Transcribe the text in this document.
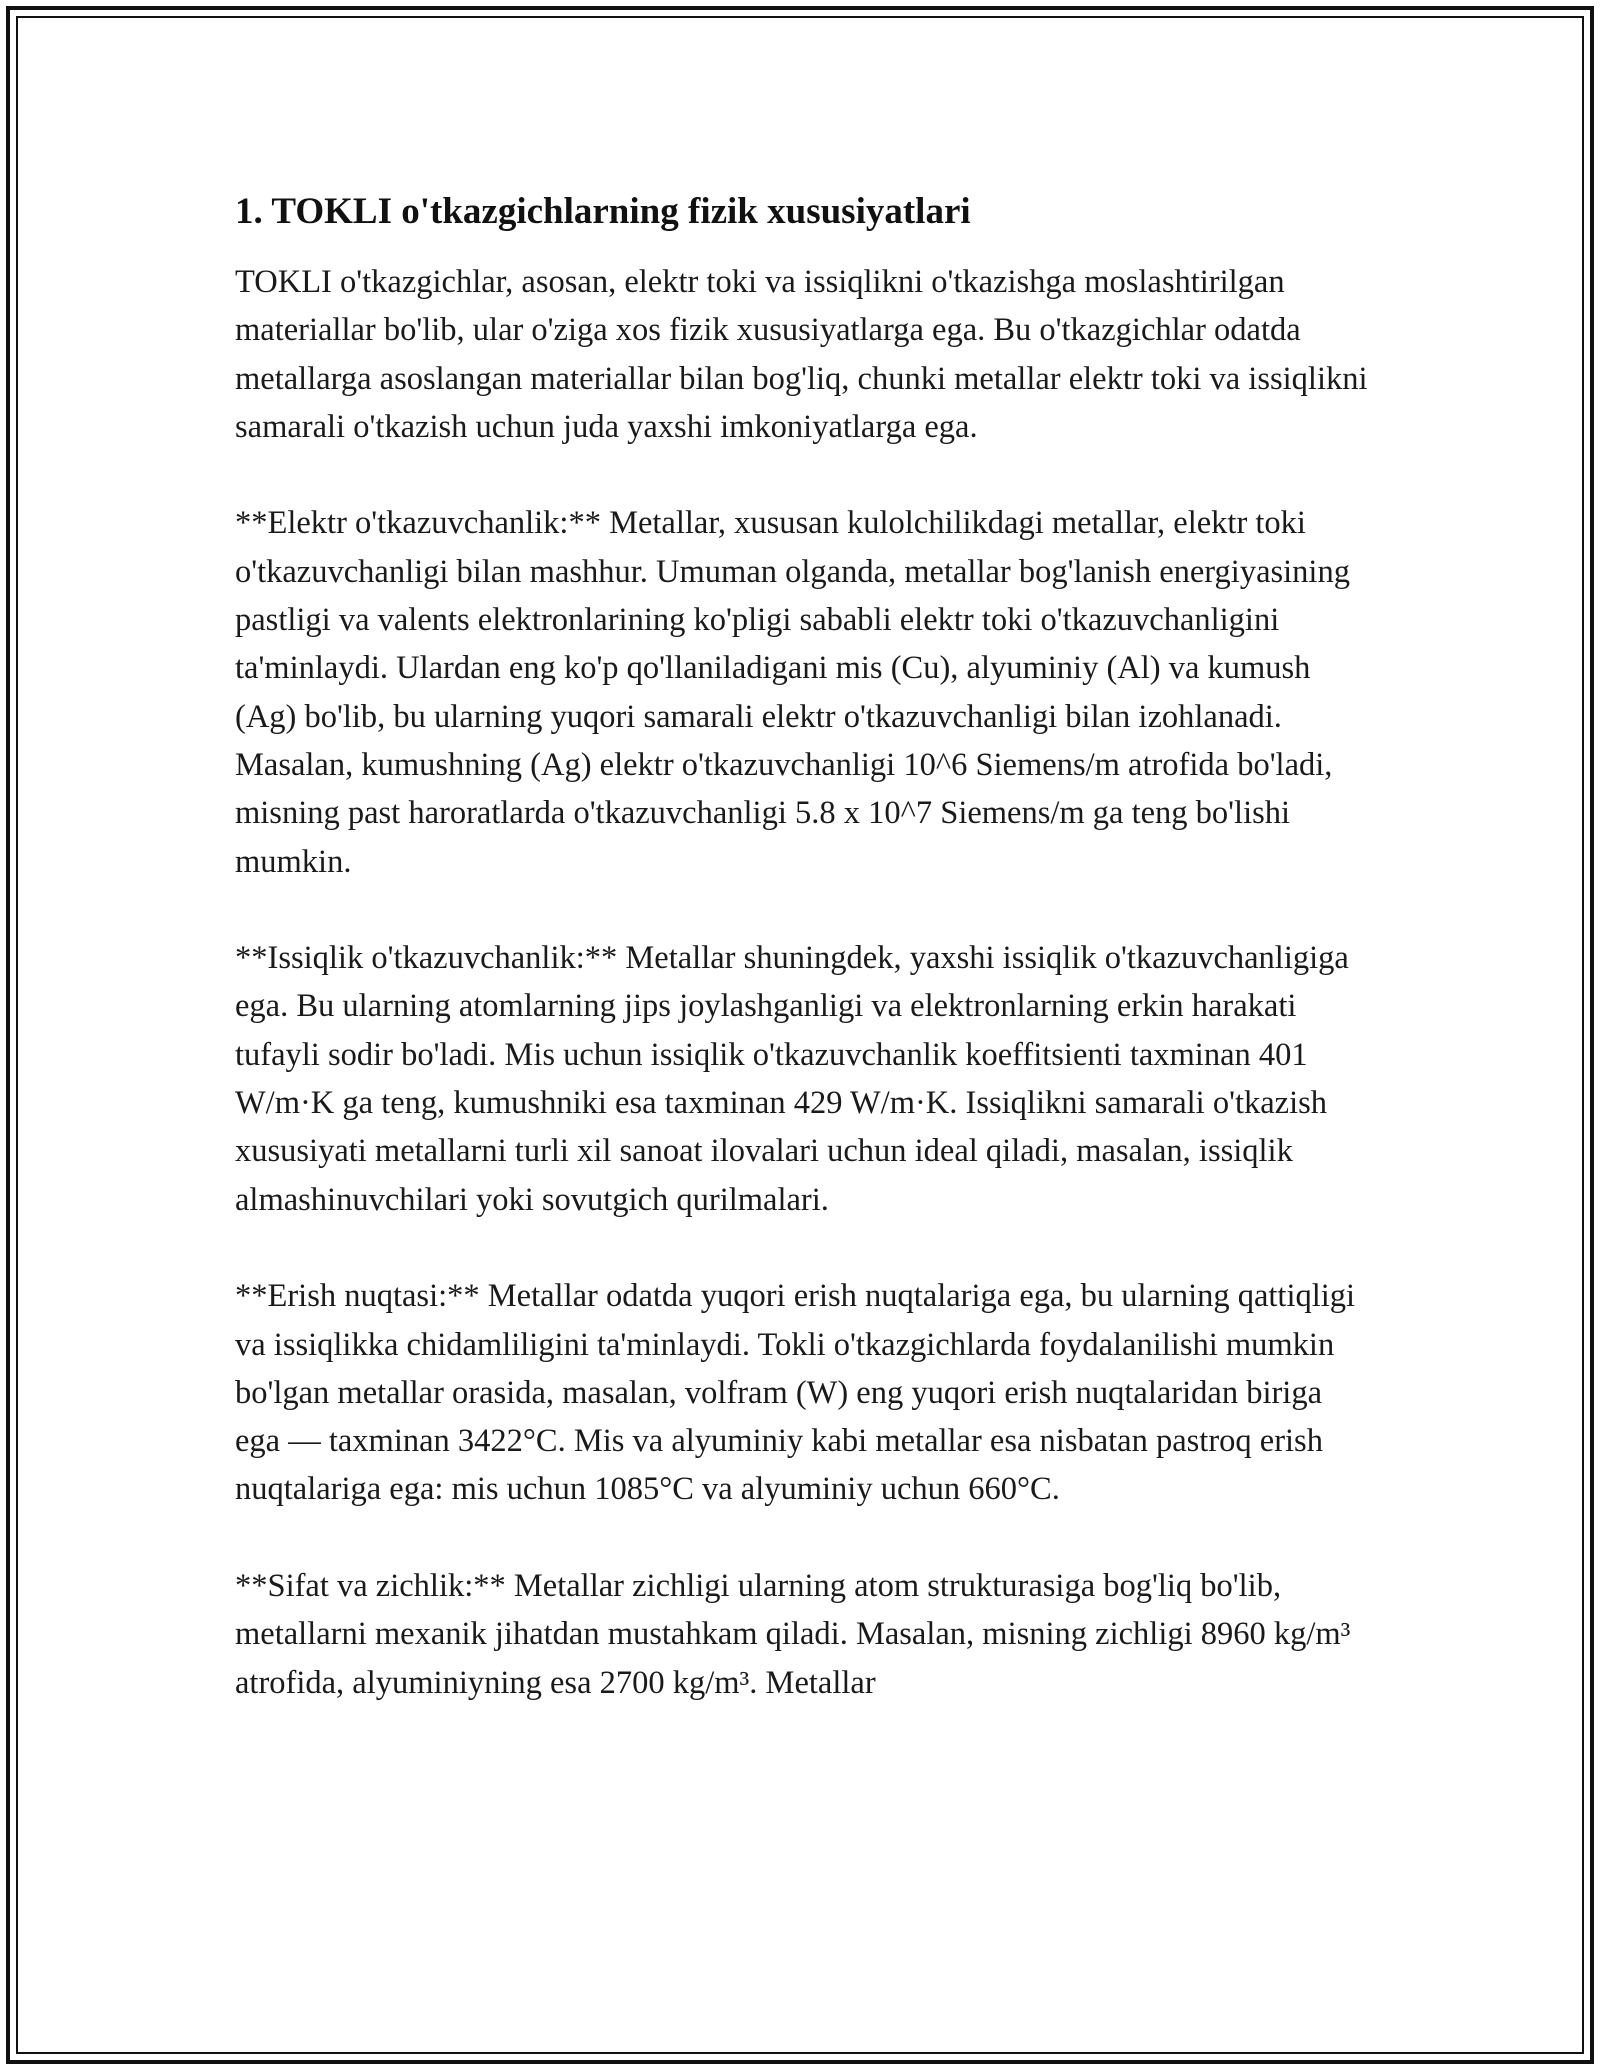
1. TOKLI o'tkazgichlarning fizik xususiyatlari

TOKLI o'tkazgichlar, asosan, elektr toki va issiqlikni o'tkazishga moslashtirilgan materiallar bo'lib, ular o'ziga xos fizik xususiyatlarga ega. Bu o'tkazgichlar odatda metallarga asoslangan materiallar bilan bog'liq, chunki metallar elektr toki va issiqlikni samarali o'tkazish uchun juda yaxshi imkoniyatlarga ega.

**Elektr o'tkazuvchanlik:** Metallar, xususan kulolchilikdagi metallar, elektr toki o'tkazuvchanligi bilan mashhur. Umuman olganda, metallar bog'lanish energiyasining pastligi va valents elektronlarining ko'pligi sababli elektr toki o'tkazuvchanligini ta'minlaydi. Ulardan eng ko'p qo'llaniladigani mis (Cu), alyuminiy (Al) va kumush (Ag) bo'lib, bu ularning yuqori samarali elektr o'tkazuvchanligi bilan izohlanadi. Masalan, kumushning (Ag) elektr o'tkazuvchanligi 10^6 Siemens/m atrofida bo'ladi, misning past haroratlarda o'tkazuvchanligi 5.8 x 10^7 Siemens/m ga teng bo'lishi mumkin.

**Issiqlik o'tkazuvchanlik:** Metallar shuningdek, yaxshi issiqlik o'tkazuvchanligiga ega. Bu ularning atomlarning jips joylashganligi va elektronlarning erkin harakati tufayli sodir bo'ladi. Mis uchun issiqlik o'tkazuvchanlik koeffitsienti taxminan 401 W/m·K ga teng, kumushniki esa taxminan 429 W/m·K. Issiqlikni samarali o'tkazish xususiyati metallarni turli xil sanoat ilovalari uchun ideal qiladi, masalan, issiqlik almashinuvchilari yoki sovutgich qurilmalari.

**Erish nuqtasi:** Metallar odatda yuqori erish nuqtalariga ega, bu ularning qattiqligi va issiqlikka chidamliligini ta'minlaydi. Tokli o'tkazgichlarda foydalanilishi mumkin bo'lgan metallar orasida, masalan, volfram (W) eng yuqori erish nuqtalaridan biriga ega — taxminan 3422°C. Mis va alyuminiy kabi metallar esa nisbatan pastroq erish nuqtalariga ega: mis uchun 1085°C va alyuminiy uchun 660°C.

**Sifat va zichlik:** Metallar zichligi ularning atom strukturasiga bog'liq bo'lib, metallarni mexanik jihatdan mustahkam qiladi. Masalan, misning zichligi 8960 kg/m³ atrofida, alyuminiyning esa 2700 kg/m³. Metallar
